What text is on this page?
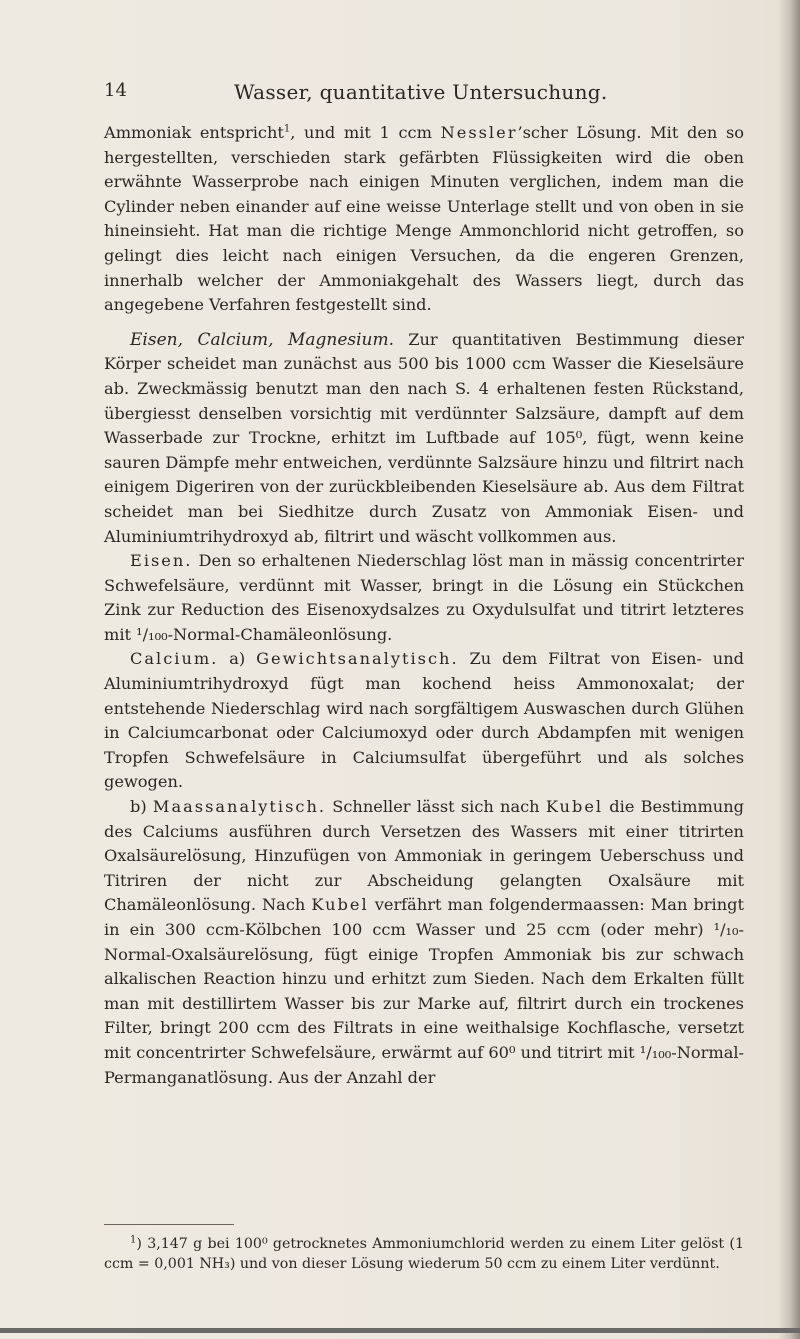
14	Wasser, quantitative Untersuchung.

Ammoniak entspricht$^1$, und mit 1 ccm Nessler’scher Lösung. Mit den so hergestellten, verschieden stark gefärbten Flüssigkeiten wird die oben erwähnte Wasserprobe nach einigen Minuten verglichen, indem man die Cylinder neben einander auf eine weisse Unterlage stellt und von oben in sie hineinsieht. Hat man die richtige Menge Ammonchlorid nicht getroffen, so gelingt dies leicht nach einigen Versuchen, da die engeren Grenzen, innerhalb welcher der Ammoniakgehalt des Wassers liegt, durch das angegebene Verfahren festgestellt sind.

Eisen, Calcium, Magnesium. Zur quantitativen Bestimmung dieser Körper scheidet man zunächst aus 500 bis 1000 ccm Wasser die Kieselsäure ab. Zweckmässig benutzt man den nach S. 4 erhaltenen festen Rückstand, übergiesst denselben vorsichtig mit verdünnter Salzsäure, dampft auf dem Wasserbade zur Trockne, erhitzt im Luftbade auf 105⁰, fügt, wenn keine sauren Dämpfe mehr entweichen, verdünnte Salzsäure hinzu und filtrirt nach einigem Digeriren von der zurückbleibenden Kieselsäure ab. Aus dem Filtrat scheidet man bei Siedhitze durch Zusatz von Ammoniak Eisen- und Aluminiumtrihydroxyd ab, filtrirt und wäscht vollkommen aus.

Eisen. Den so erhaltenen Niederschlag löst man in mässig concentrirter Schwefelsäure, verdünnt mit Wasser, bringt in die Lösung ein Stückchen Zink zur Reduction des Eisenoxydsalzes zu Oxydulsulfat und titrirt letzteres mit ¹/₁₀₀-Normal-Chamäleonlösung.

Calcium. a) Gewichtsanalytisch. Zu dem Filtrat von Eisen- und Aluminiumtrihydroxyd fügt man kochend heiss Ammonoxalat; der entstehende Niederschlag wird nach sorgfältigem Auswaschen durch Glühen in Calciumcarbonat oder Calciumoxyd oder durch Abdampfen mit wenigen Tropfen Schwefelsäure in Calciumsulfat übergeführt und als solches gewogen.

b) Maassanalytisch. Schneller lässt sich nach Kubel die Bestimmung des Calciums ausführen durch Versetzen des Wassers mit einer titrirten Oxalsäurelösung, Hinzufügen von Ammoniak in geringem Ueberschuss und Titriren der nicht zur Abscheidung gelangten Oxalsäure mit Chamäleonlösung. Nach Kubel verfährt man folgendermaassen: Man bringt in ein 300 ccm-Kölbchen 100 ccm Wasser und 25 ccm (oder mehr) ¹/₁₀-Normal-Oxalsäurelösung, fügt einige Tropfen Ammoniak bis zur schwach alkalischen Reaction hinzu und erhitzt zum Sieden. Nach dem Erkalten füllt man mit destillirtem Wasser bis zur Marke auf, filtrirt durch ein trockenes Filter, bringt 200 ccm des Filtrats in eine weithalsige Kochflasche, versetzt mit concentrirter Schwefelsäure, erwärmt auf 60⁰ und titrirt mit ¹/₁₀₀-Normal-Permanganatlösung. Aus der Anzahl der

$^1$) 3,147 g bei 100⁰ getrocknetes Ammoniumchlorid werden zu einem Liter gelöst (1 ccm = 0,001 NH₃) und von dieser Lösung wiederum 50 ccm zu einem Liter verdünnt.
